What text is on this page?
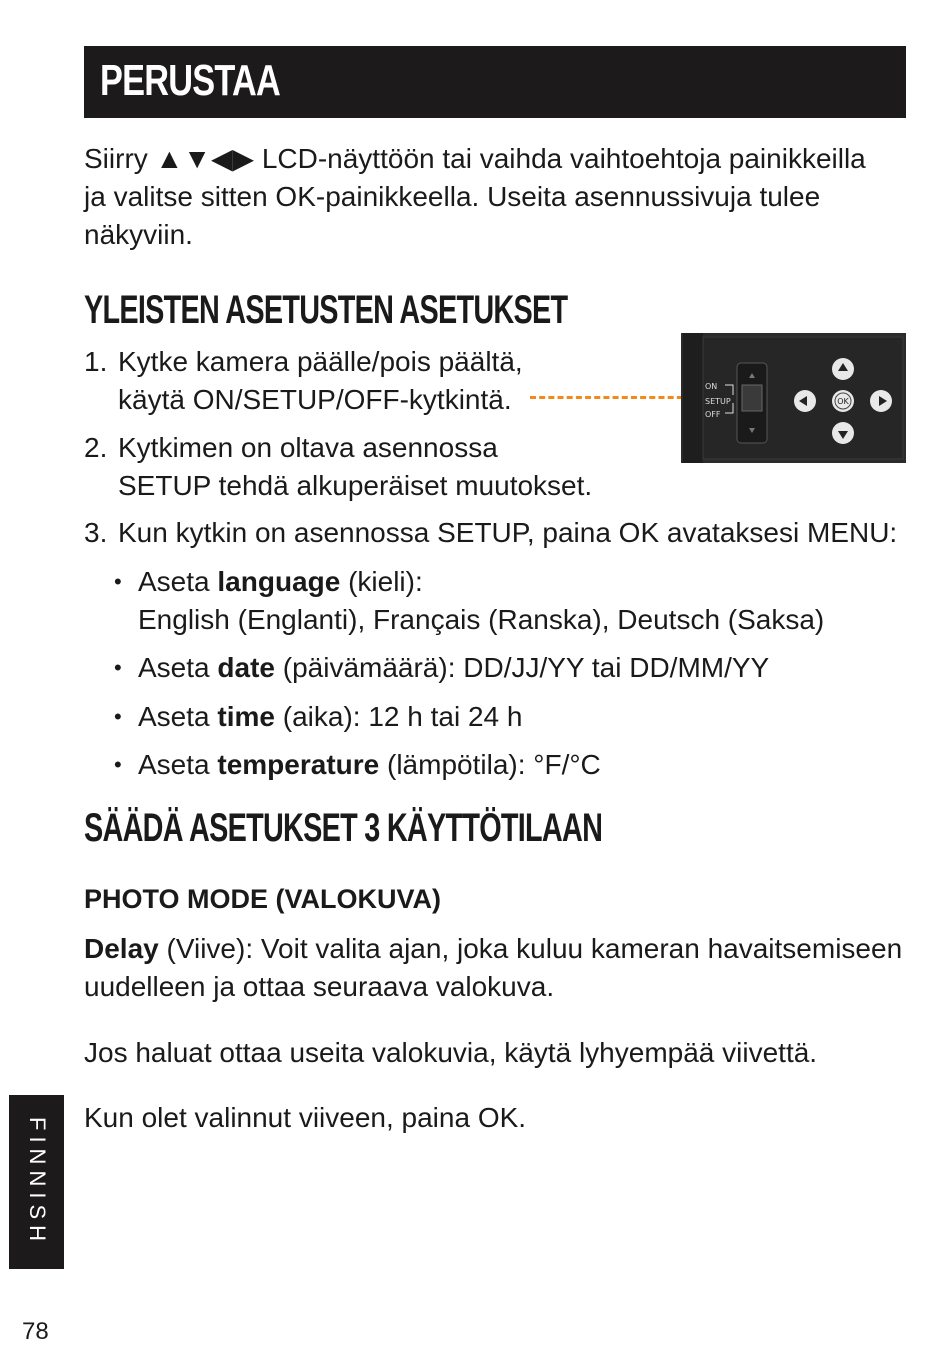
PERUSTAA
Siirry ▲▼◀▶ LCD-näyttöön tai vaihda vaihtoehtoja painikkeilla
ja valitse sitten OK-painikkeella. Useita asennussivuja tulee
näkyviin.
YLEISTEN ASETUSTEN ASETUKSET
1. Kytke kamera päälle/pois päältä,
käytä ON/SETUP/OFF-kytkintä.
2. Kytkimen on oltava asennossa
SETUP tehdä alkuperäiset muutokset.
3. Kun kytkin on asennossa SETUP, paina OK avataksesi MENU:
• Aseta language (kieli):
English (Englanti), Français (Ranska), Deutsch (Saksa)
• Aseta date (päivämäärä): DD/JJ/YY tai DD/MM/YY
• Aseta time (aika): 12 h tai 24 h
• Aseta temperature (lämpötila): °F/°C
ON
SETUP
OFF
OK
SÄÄDÄ ASETUKSET 3 KÄYTTÖTILAAN
PHOTO MODE (VALOKUVA)
Delay (Viive): Voit valita ajan, joka kuluu kameran havaitsemiseen
uudelleen ja ottaa seuraava valokuva.
Jos haluat ottaa useita valokuvia, käytä lyhyempää viivettä.
Kun olet valinnut viiveen, paina OK.
FINNISH
78
